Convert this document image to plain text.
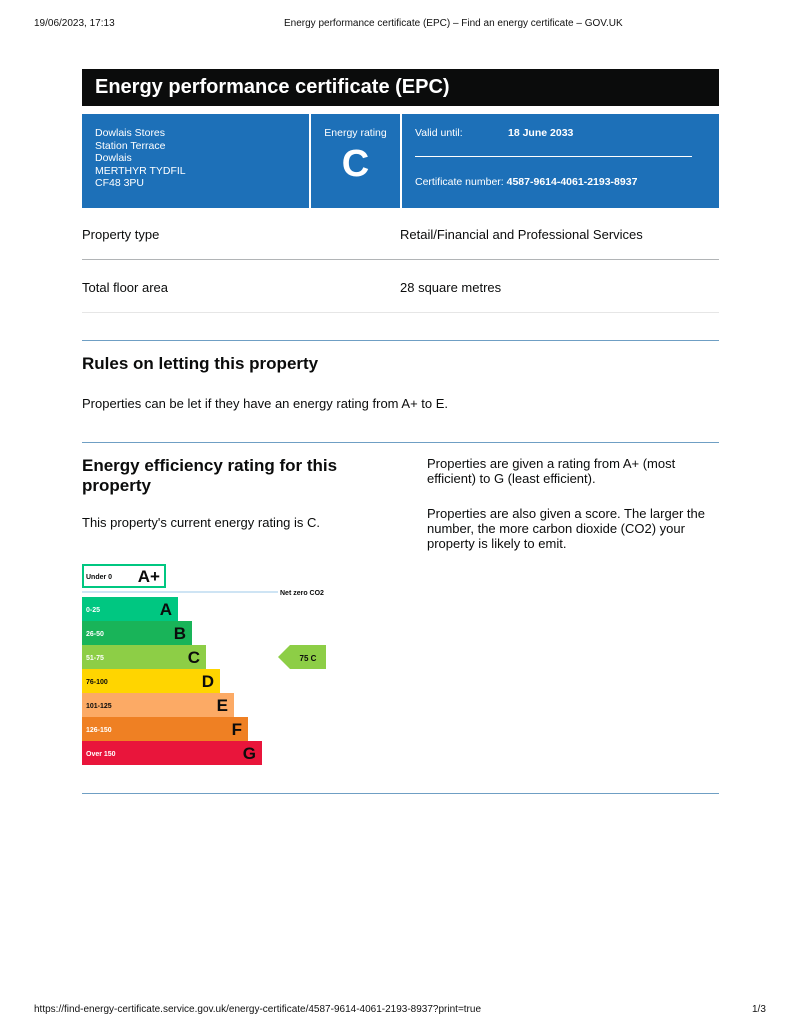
19/06/2023, 17:13	Energy performance certificate (EPC) – Find an energy certificate – GOV.UK
Energy performance certificate (EPC)
Dowlais Stores
Station Terrace
Dowlais
MERTHYR TYDFIL
CF48 3PU
Energy rating
C
Valid until:	18 June 2033
Certificate number: 4587-9614-4061-2193-8937
Property type	Retail/Financial and Professional Services
Total floor area	28 square metres
Rules on letting this property
Properties can be let if they have an energy rating from A+ to E.
Energy efficiency rating for this property
This property's current energy rating is C.
Properties are given a rating from A+ (most efficient) to G (least efficient).
Properties are also given a score. The larger the number, the more carbon dioxide (CO2) your property is likely to emit.
Under 0 A+
0-25	A
26-50	B
51-75	C
76-100	D
101-125	E
126-150	F
Over 150	G
Net zero CO2
75 C
https://find-energy-certificate.service.gov.uk/energy-certificate/4587-9614-4061-2193-8937?print=true	1/3
